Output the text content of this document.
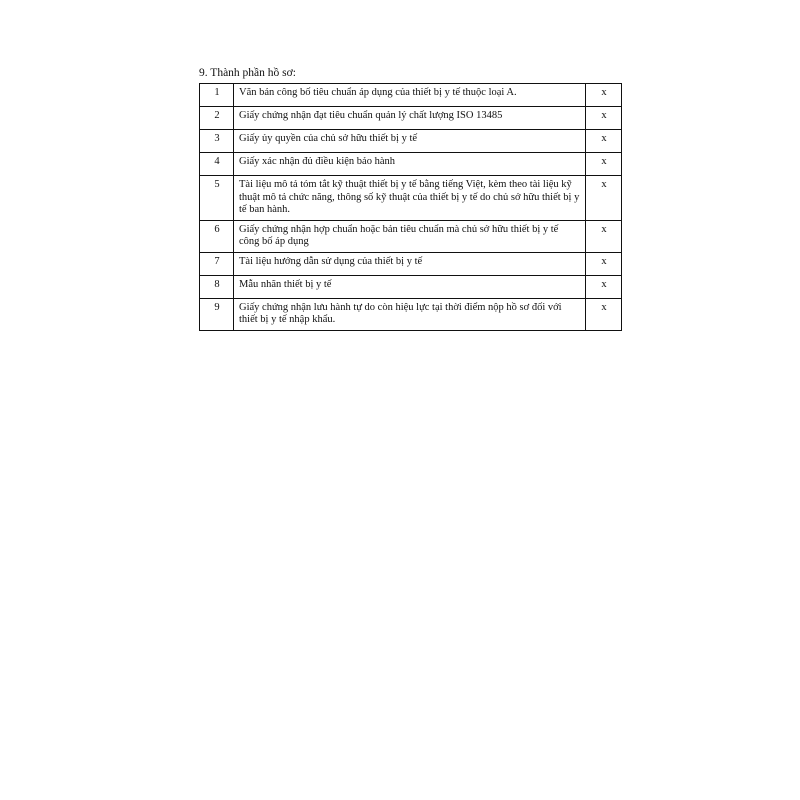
9. Thành phần hồ sơ:
1	Văn bản công bố tiêu chuẩn áp dụng của thiết bị y tế thuộc loại A.	x
2	Giấy chứng nhận đạt tiêu chuẩn quản lý chất lượng ISO 13485	x
3	Giấy ủy quyền của chủ sở hữu thiết bị y tế	x
4	Giấy xác nhận đủ điều kiện bảo hành	x
5	Tài liệu mô tả tóm tắt kỹ thuật thiết bị y tế bằng tiếng Việt, kèm theo tài liệu kỹ thuật mô tả chức năng, thông số kỹ thuật của thiết bị y tế do chủ sở hữu thiết bị y tế ban hành.	x
6	Giấy chứng nhận hợp chuẩn hoặc bản tiêu chuẩn mà chủ sở hữu thiết bị y tế công bố áp dụng	x
7	Tài liệu hướng dẫn sử dụng của thiết bị y tế	x
8	Mẫu nhãn thiết bị y tế	x
9	Giấy chứng nhận lưu hành tự do còn hiệu lực tại thời điểm nộp hồ sơ đối với thiết bị y tế nhập khẩu.	x
